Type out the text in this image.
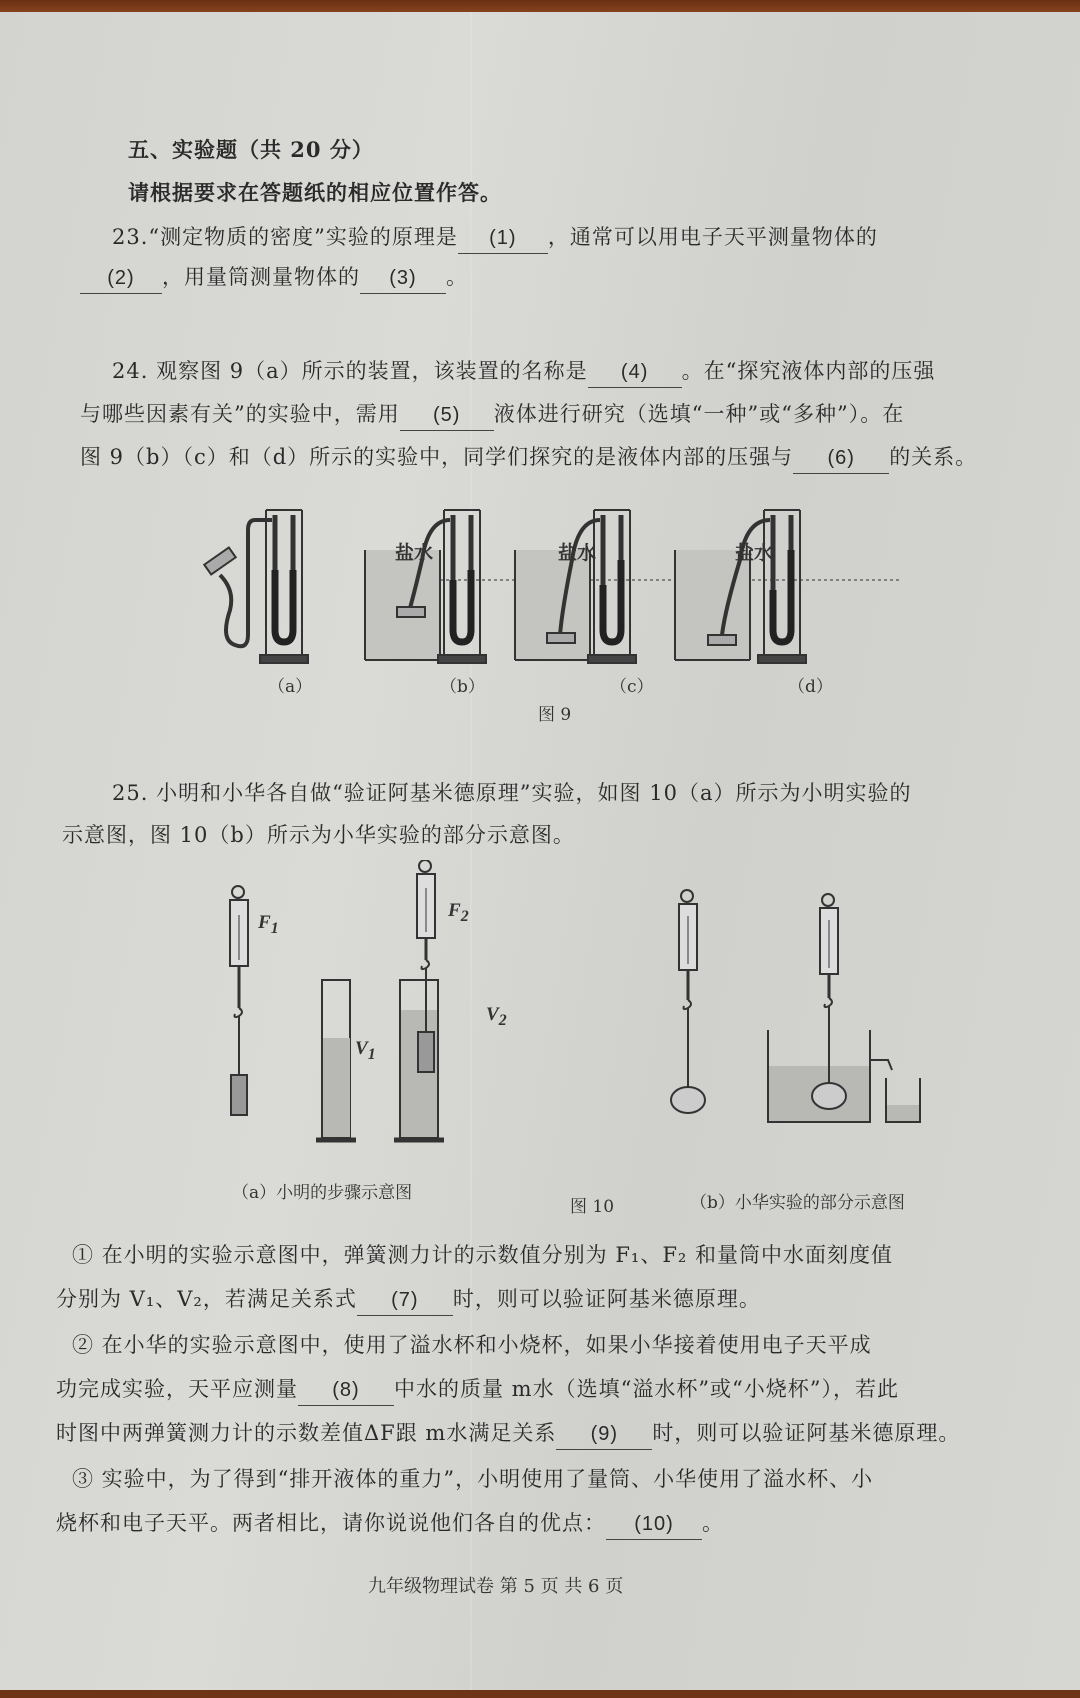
五、实验题（共 20 分）
请根据要求在答题纸的相应位置作答。
23.“测定物质的密度”实验的原理是 (1) ，通常可以用电子天平测量物体的
(2) ，用量筒测量物体的 (3) 。
24. 观察图 9（a）所示的装置，该装置的名称是 (4) 。在“探究液体内部的压强
与哪些因素有关”的实验中，需用 (5) 液体进行研究（选填“一种”或“多种”）。在
图 9（b）（c）和（d）所示的实验中，同学们探究的是液体内部的压强与 (6) 的关系。
盐水	盐水	盐水
（a）	（b）	（c）	（d）
图 9
25. 小明和小华各自做“验证阿基米德原理”实验，如图 10（a）所示为小明实验的
示意图，图 10（b）所示为小华实验的部分示意图。
$F_1$
$F_2$
$V_1$
$V_2$
（a）小明的步骤示意图
图 10	（b）小华实验的部分示意图
① 在小明的实验示意图中，弹簧测力计的示数值分别为 F₁、F₂ 和量筒中水面刻度值
分别为 V₁、V₂，若满足关系式 (7) 时，则可以验证阿基米德原理。
② 在小华的实验示意图中，使用了溢水杯和小烧杯，如果小华接着使用电子天平成
功完成实验，天平应测量 (8) 中水的质量 m水（选填“溢水杯”或“小烧杯”），若此
时图中两弹簧测力计的示数差值ΔF跟 m水满足关系 (9) 时，则可以验证阿基米德原理。
③ 实验中，为了得到“排开液体的重力”，小明使用了量筒、小华使用了溢水杯、小
烧杯和电子天平。两者相比，请你说说他们各自的优点： (10) 。
九年级物理试卷 第 5 页 共 6 页
